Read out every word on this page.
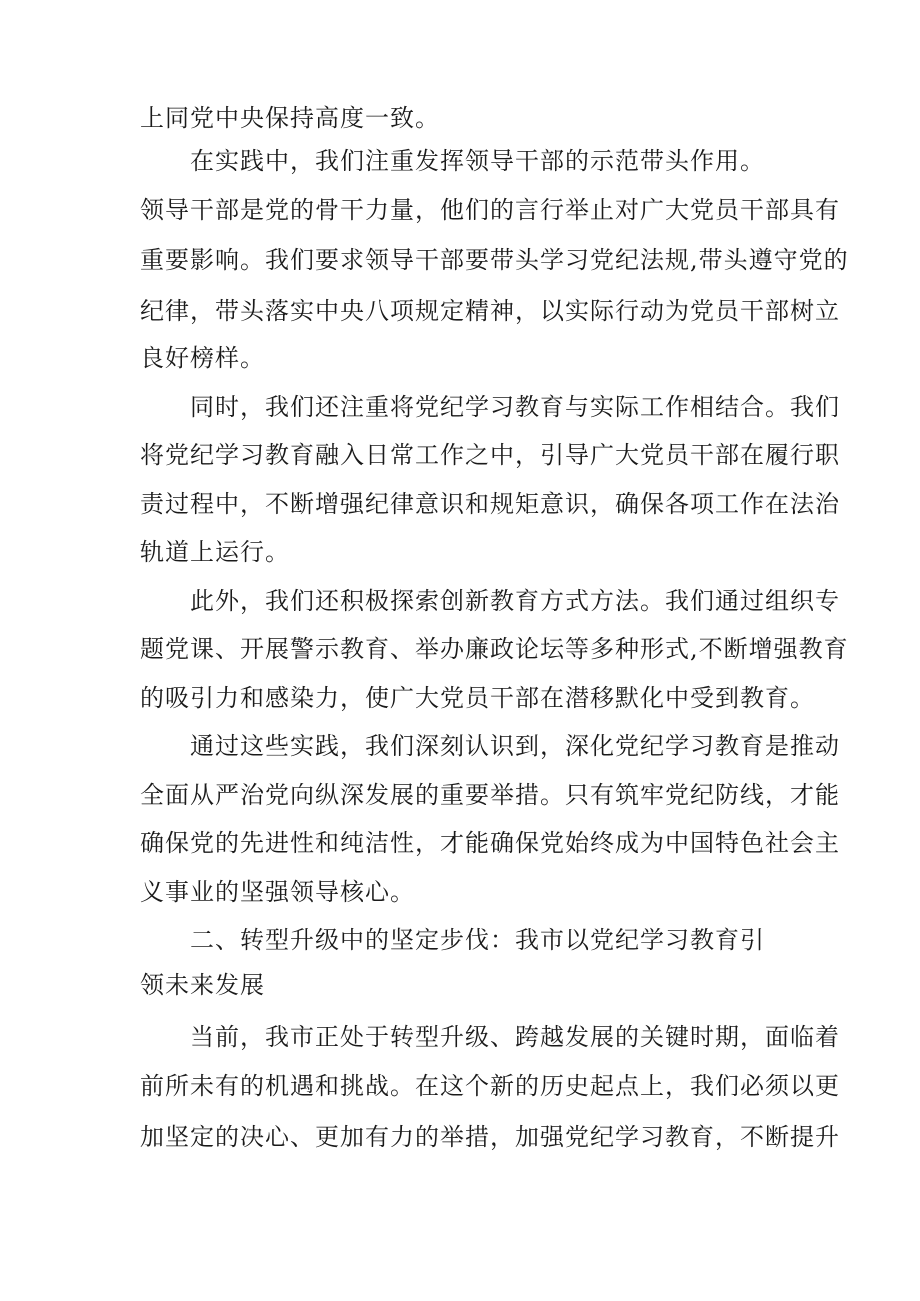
上同党中央保持高度一致。
在实践中，我们注重发挥领导干部的示范带头作用。
领导干部是党的骨干力量，他们的言行举止对广大党员干部具有
重要影响。我们要求领导干部要带头学习党纪法规,带头遵守党的
纪律，带头落实中央八项规定精神，以实际行动为党员干部树立
良好榜样。
同时，我们还注重将党纪学习教育与实际工作相结合。我们
将党纪学习教育融入日常工作之中，引导广大党员干部在履行职
责过程中，不断增强纪律意识和规矩意识，确保各项工作在法治
轨道上运行。
此外，我们还积极探索创新教育方式方法。我们通过组织专
题党课、开展警示教育、举办廉政论坛等多种形式,不断增强教育
的吸引力和感染力，使广大党员干部在潜移默化中受到教育。
通过这些实践，我们深刻认识到，深化党纪学习教育是推动
全面从严治党向纵深发展的重要举措。只有筑牢党纪防线，才能
确保党的先进性和纯洁性，才能确保党始终成为中国特色社会主
义事业的坚强领导核心。
二、转型升级中的坚定步伐：我市以党纪学习教育引
领未来发展
当前，我市正处于转型升级、跨越发展的关键时期，面临着
前所未有的机遇和挑战。在这个新的历史起点上，我们必须以更
加坚定的决心、更加有力的举措，加强党纪学习教育，不断提升
